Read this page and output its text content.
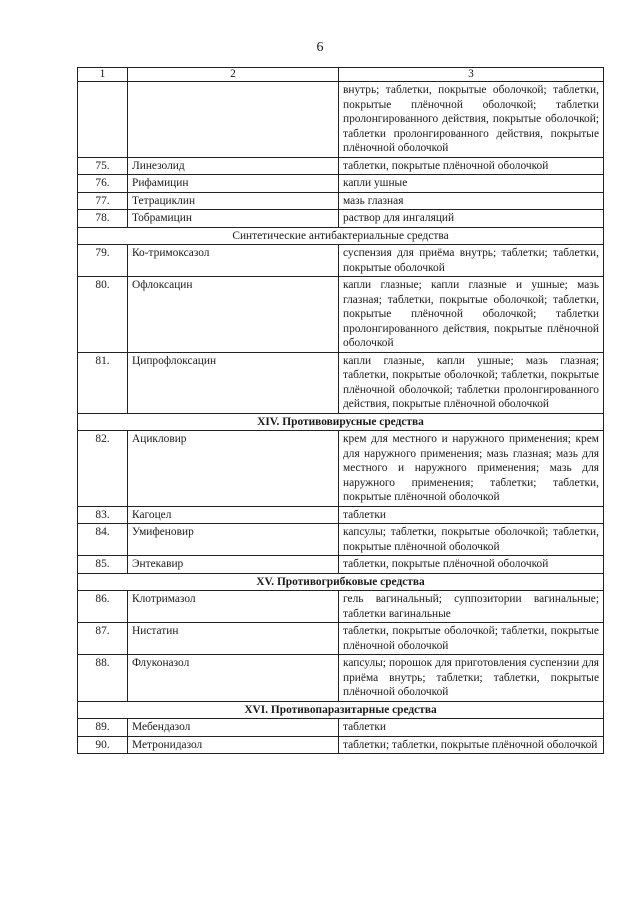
6
1	2	3
		внутрь; таблетки, покрытые оболочкой; таблетки, покрытые плёночной оболочкой; таблетки пролонгированного действия, покрытые оболочкой; таблетки пролонгированного действия, покрытые плёночной оболочкой
75.	Линезолид	таблетки, покрытые плёночной оболочкой
76.	Рифамицин	капли ушные
77.	Тетрациклин	мазь глазная
78.	Тобрамицин	раствор для ингаляций
Синтетические антибактериальные средства		
79.	Ко-тримоксазол	суспензия для приёма внутрь; таблетки; таблетки, покрытые оболочкой
80.	Офлоксацин	капли глазные; капли глазные и ушные; мазь глазная; таблетки, покрытые оболочкой; таблетки, покрытые плёночной оболочкой; таблетки пролонгированного действия, покрытые плёночной оболочкой
81.	Ципрофлоксацин	капли глазные, капли ушные; мазь глазная; таблетки, покрытые оболочкой; таблетки, покрытые плёночной оболочкой; таблетки пролонгированного действия, покрытые плёночной оболочкой
XIV. Противовирусные средства		
82.	Ацикловир	крем для местного и наружного применения; крем для наружного применения; мазь глазная; мазь для местного и наружного применения; мазь для наружного применения; таблетки; таблетки, покрытые плёночной оболочкой
83.	Кагоцел	таблетки
84.	Умифеновир	капсулы; таблетки, покрытые оболочкой; таблетки, покрытые плёночной оболочкой
85.	Энтекавир	таблетки, покрытые плёночной оболочкой
XV. Противогрибковые средства		
86.	Клотримазол	гель вагинальный; суппозитории вагинальные; таблетки вагинальные
87.	Нистатин	таблетки, покрытые оболочкой; таблетки, покрытые плёночной оболочкой
88.	Флуконазол	капсулы; порошок для приготовления суспензии для приёма внутрь; таблетки; таблетки, покрытые плёночной оболочкой
XVI. Противопаразитарные средства		
89.	Мебендазол	таблетки
90.	Метронидазол	таблетки; таблетки, покрытые плёночной оболочкой
